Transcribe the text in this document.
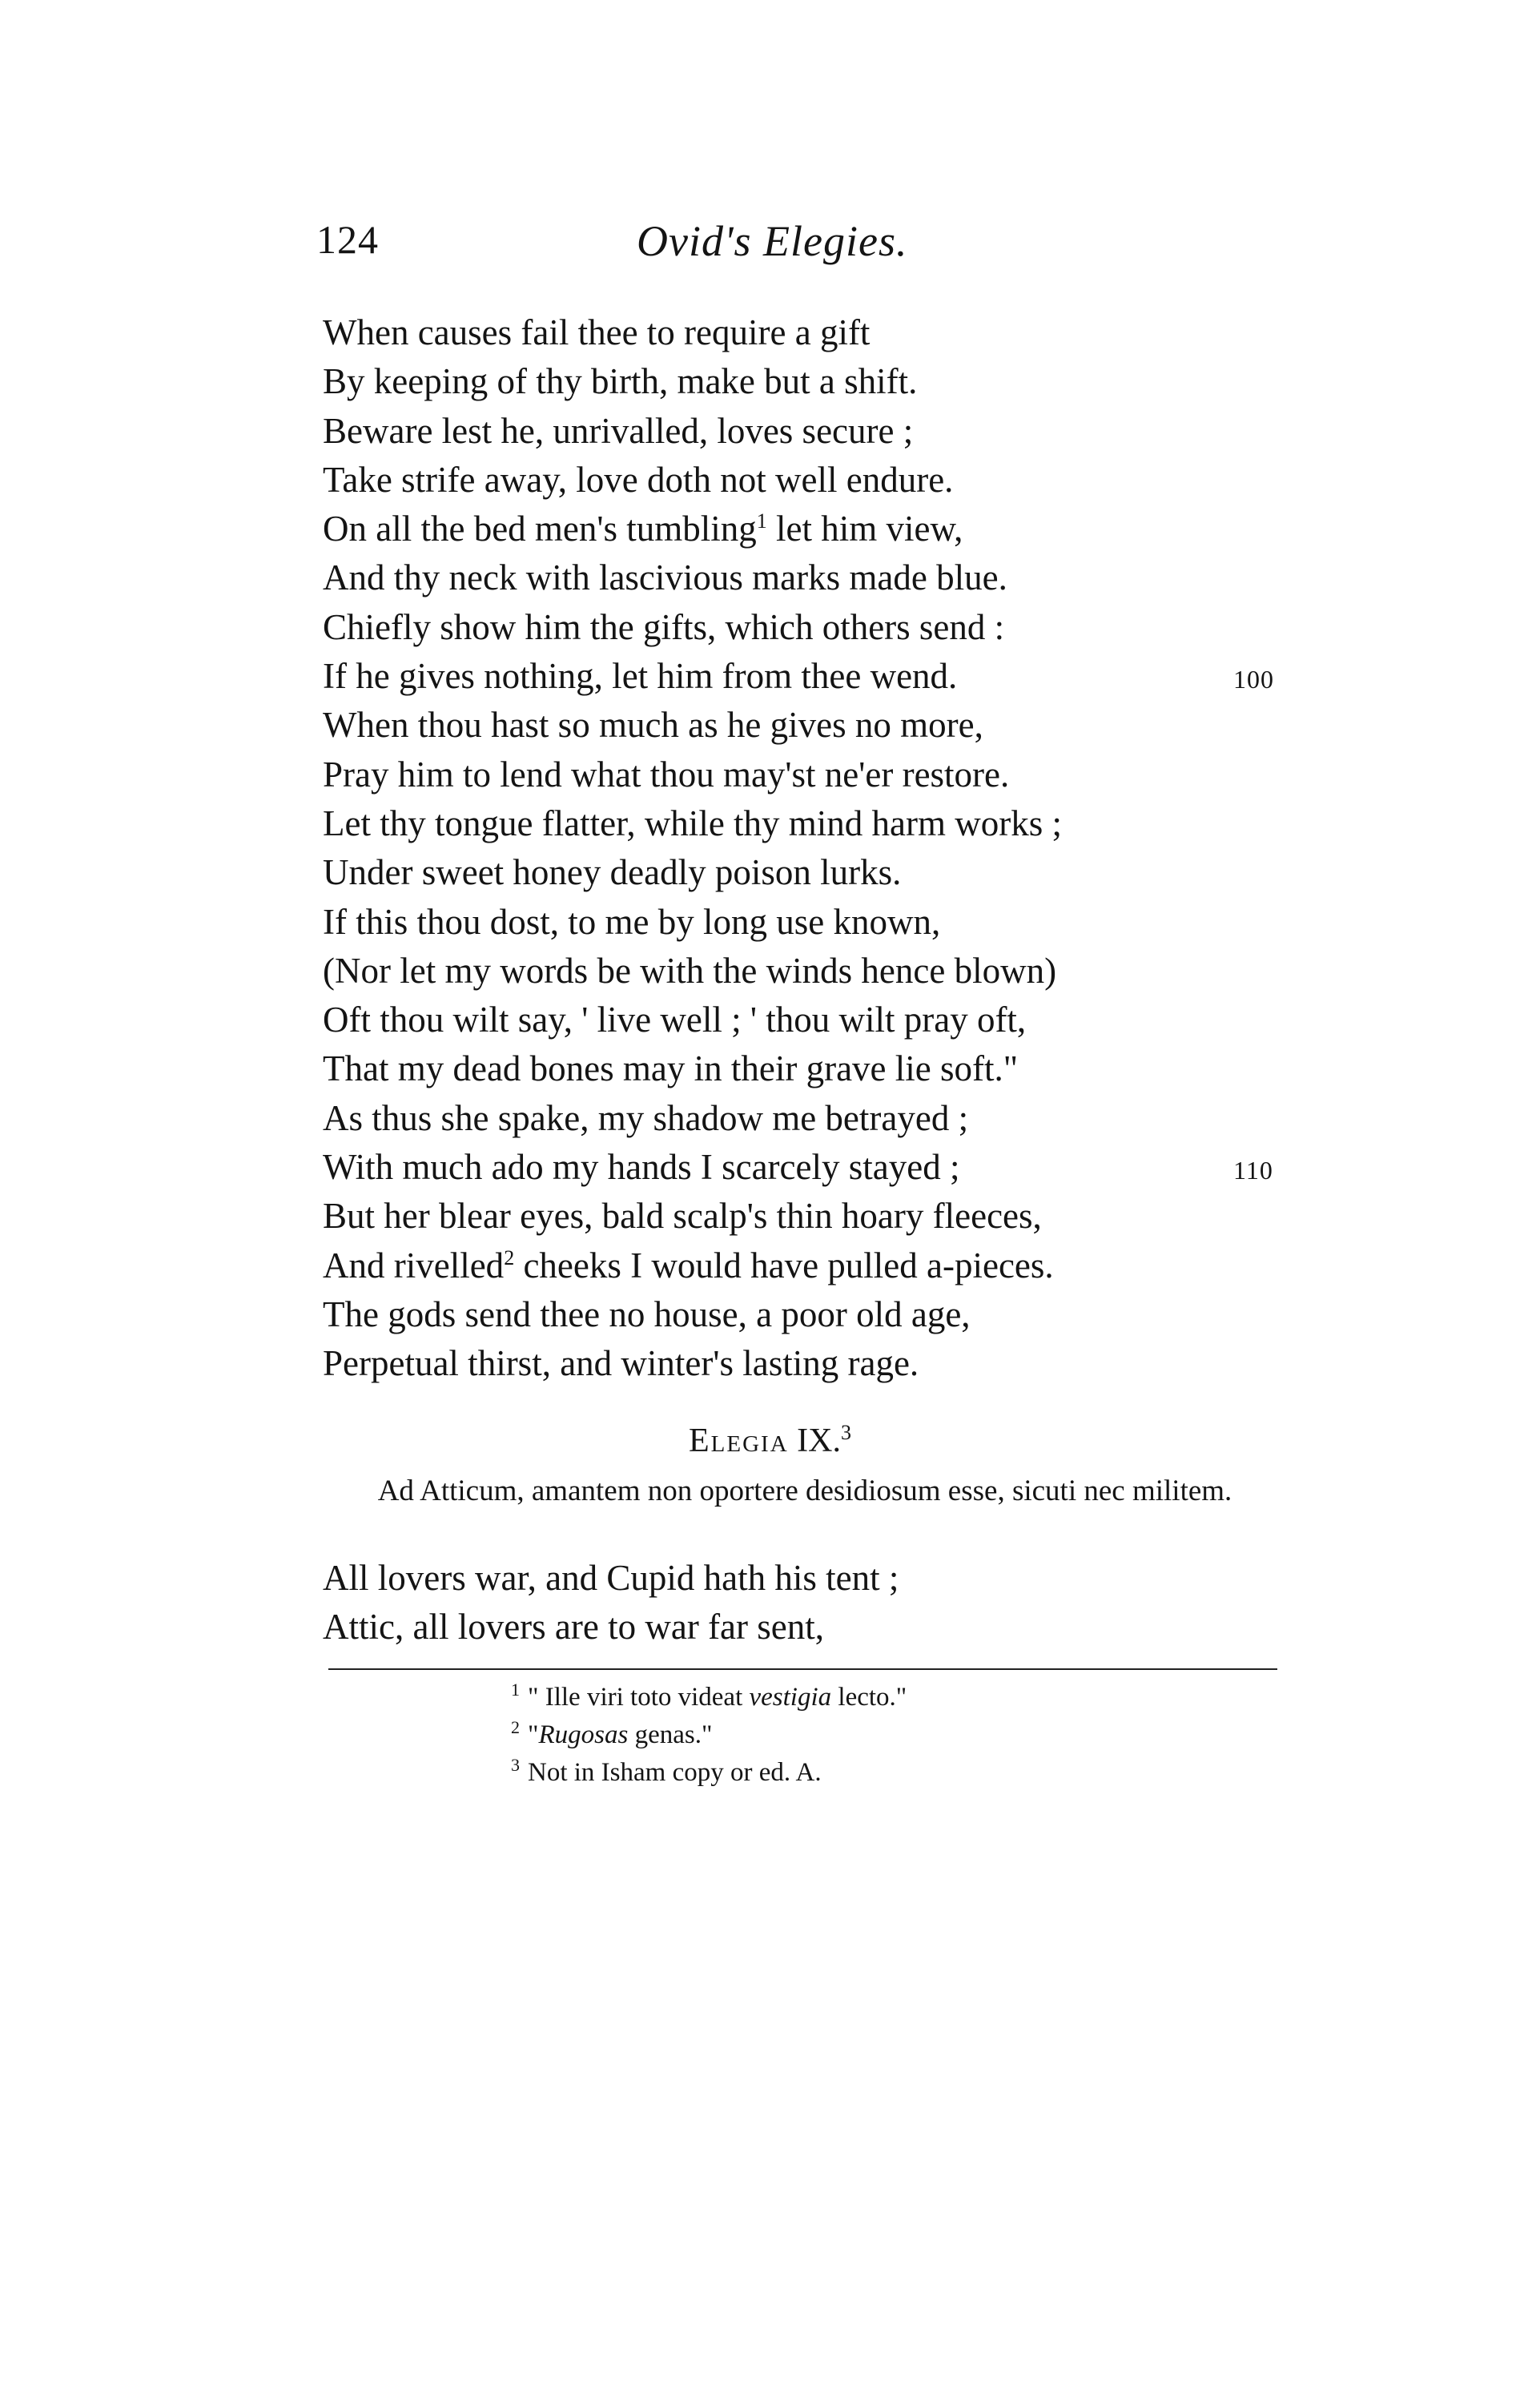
124	Ovid's Elegies.
When causes fail thee to require a gift
By keeping of thy birth, make but a shift.
Beware lest he, unrivalled, loves secure ;
Take strife away, love doth not well endure.
On all the bed men's tumbling$^1$ let him view,
And thy neck with lascivious marks made blue.
Chiefly show him the gifts, which others send :
If he gives nothing, let him from thee wend.	100
When thou hast so much as he gives no more,
Pray him to lend what thou may'st ne'er restore.
Let thy tongue flatter, while thy mind harm works ;
Under sweet honey deadly poison lurks.
If this thou dost, to me by long use known,
(Nor let my words be with the winds hence blown)
Oft thou wilt say, ' live well ; ' thou wilt pray oft,
That my dead bones may in their grave lie soft."
As thus she spake, my shadow me betrayed ;
With much ado my hands I scarcely stayed ;	110
But her blear eyes, bald scalp's thin hoary fleeces,
And rivelled$^2$ cheeks I would have pulled a-pieces.
The gods send thee no house, a poor old age,
Perpetual thirst, and winter's lasting rage.
Elegia IX.$^3$
Ad Atticum, amantem non oportere desidiosum esse, sicuti nec militem.
All lovers war, and Cupid hath his tent ;
Attic, all lovers are to war far sent,
$^1$ " Ille viri toto videat vestigia lecto."
$^2$ "Rugosas genas."
$^3$ Not in Isham copy or ed. A.
